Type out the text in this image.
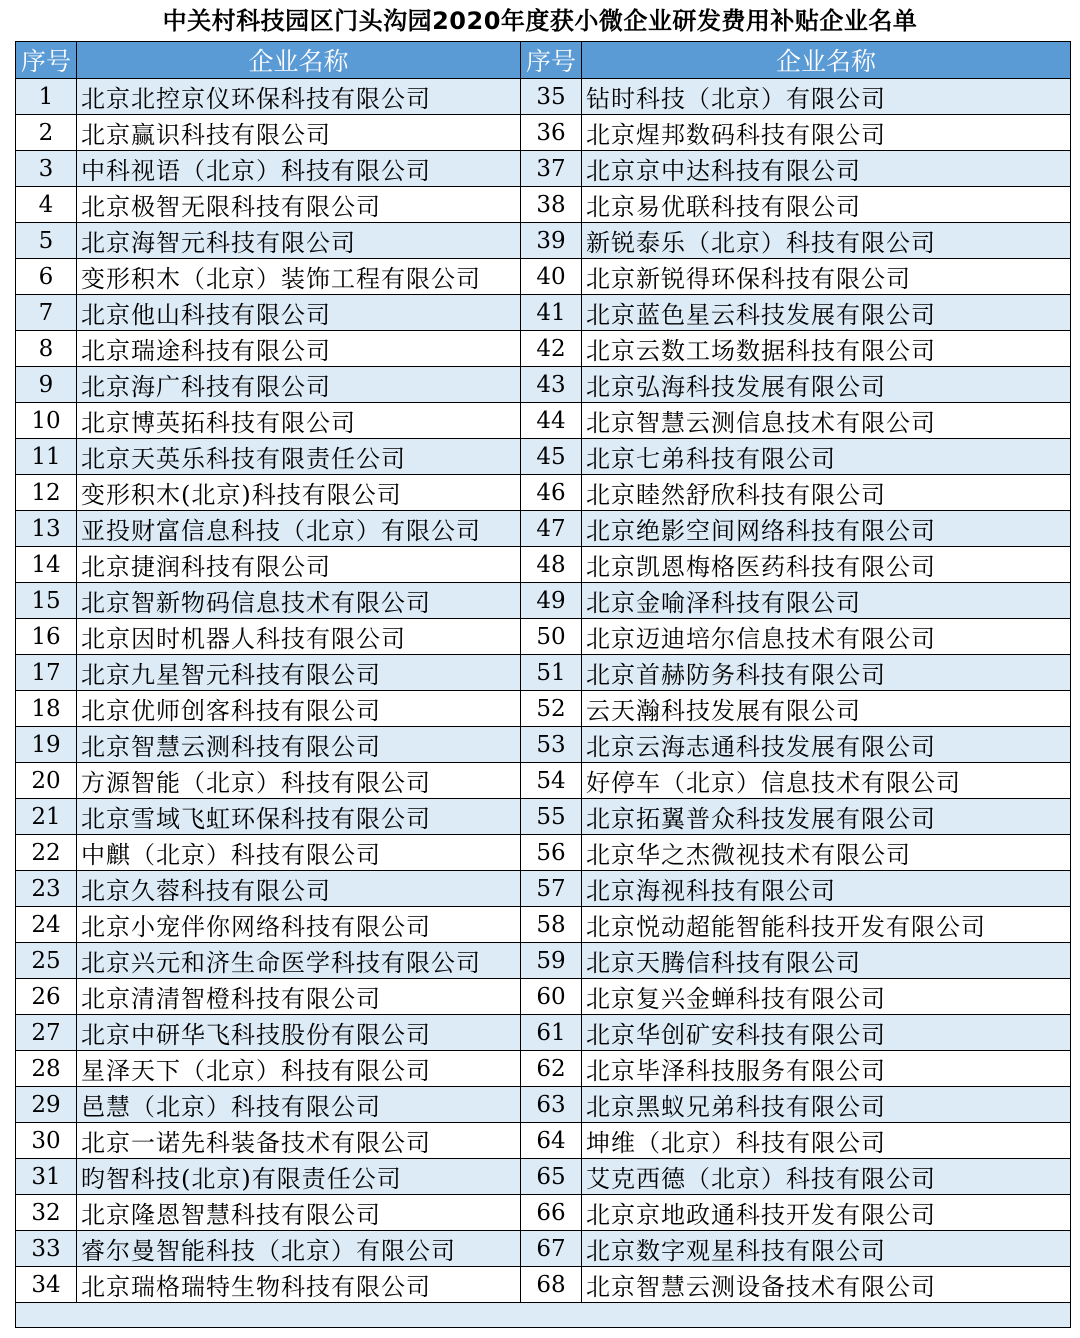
中关村科技园区门头沟园2020年度获小微企业研发费用补贴企业名单
序号	企业名称	序号	企业名称
1	北京北控京仪环保科技有限公司	35	钻时科技（北京）有限公司
2	北京赢识科技有限公司	36	北京煋邦数码科技有限公司
3	中科视语（北京）科技有限公司	37	北京京中达科技有限公司
4	北京极智无限科技有限公司	38	北京易优联科技有限公司
5	北京海智元科技有限公司	39	新锐泰乐（北京）科技有限公司
6	变形积木（北京）装饰工程有限公司	40	北京新锐得环保科技有限公司
7	北京他山科技有限公司	41	北京蓝色星云科技发展有限公司
8	北京瑞途科技有限公司	42	北京云数工场数据科技有限公司
9	北京海广科技有限公司	43	北京弘海科技发展有限公司
10	北京博英拓科技有限公司	44	北京智慧云测信息技术有限公司
11	北京天英乐科技有限责任公司	45	北京七弟科技有限公司
12	变形积木(北京)科技有限公司	46	北京睦然舒欣科技有限公司
13	亚投财富信息科技（北京）有限公司	47	北京绝影空间网络科技有限公司
14	北京捷润科技有限公司	48	北京凯恩梅格医药科技有限公司
15	北京智新物码信息技术有限公司	49	北京金喻泽科技有限公司
16	北京因时机器人科技有限公司	50	北京迈迪培尔信息技术有限公司
17	北京九星智元科技有限公司	51	北京首赫防务科技有限公司
18	北京优师创客科技有限公司	52	云天瀚科技发展有限公司
19	北京智慧云测科技有限公司	53	北京云海志通科技发展有限公司
20	方源智能（北京）科技有限公司	54	好停车（北京）信息技术有限公司
21	北京雪域飞虹环保科技有限公司	55	北京拓翼普众科技发展有限公司
22	中麒（北京）科技有限公司	56	北京华之杰微视技术有限公司
23	北京久蓉科技有限公司	57	北京海视科技有限公司
24	北京小宠伴你网络科技有限公司	58	北京悦动超能智能科技开发有限公司
25	北京兴元和济生命医学科技有限公司	59	北京天腾信科技有限公司
26	北京清清智橙科技有限公司	60	北京复兴金蝉科技有限公司
27	北京中研华飞科技股份有限公司	61	北京华创矿安科技有限公司
28	星泽天下（北京）科技有限公司	62	北京毕泽科技服务有限公司
29	邑慧（北京）科技有限公司	63	北京黑蚁兄弟科技有限公司
30	北京一诺先科装备技术有限公司	64	坤维（北京）科技有限公司
31	昀智科技(北京)有限责任公司	65	艾克西德（北京）科技有限公司
32	北京隆恩智慧科技有限公司	66	北京京地政通科技开发有限公司
33	睿尔曼智能科技（北京）有限公司	67	北京数字观星科技有限公司
34	北京瑞格瑞特生物科技有限公司	68	北京智慧云测设备技术有限公司
